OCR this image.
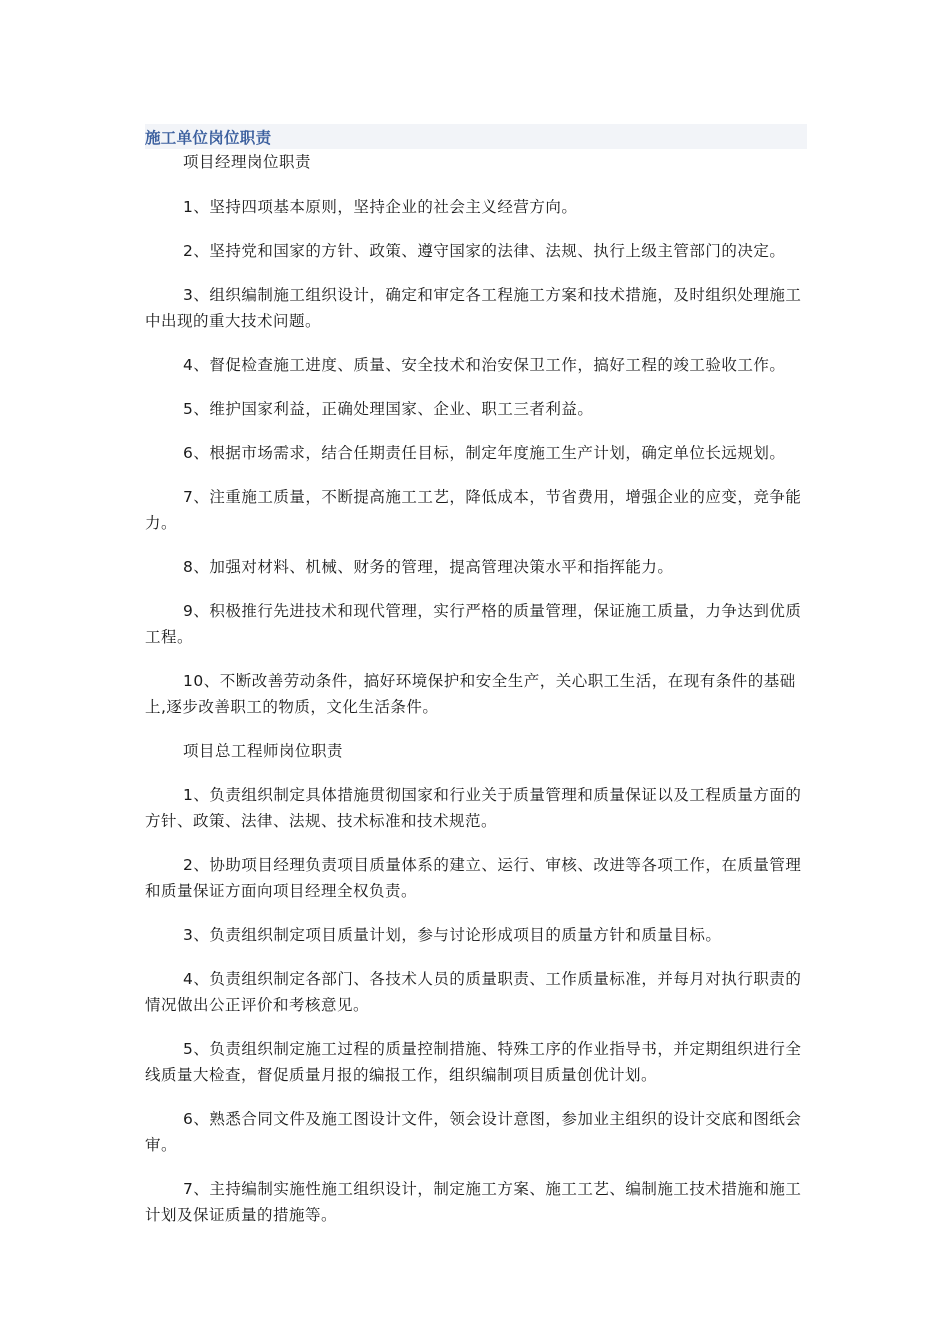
施工单位岗位职责
项目经理岗位职责
1、坚持四项基本原则，坚持企业的社会主义经营方向。
2、坚持党和国家的方针、政策、遵守国家的法律、法规、执行上级主管部门的决定。
3、组织编制施工组织设计，确定和审定各工程施工方案和技术措施，及时组织处理施工中出现的重大技术问题。
4、督促检查施工进度、质量、安全技术和治安保卫工作，搞好工程的竣工验收工作。
5、维护国家利益，正确处理国家、企业、职工三者利益。
6、根据市场需求，结合任期责任目标，制定年度施工生产计划，确定单位长远规划。
7、注重施工质量，不断提高施工工艺，降低成本，节省费用，增强企业的应变，竞争能力。
8、加强对材料、机械、财务的管理，提高管理决策水平和指挥能力。
9、积极推行先进技术和现代管理，实行严格的质量管理，保证施工质量，力争达到优质工程。
10、不断改善劳动条件，搞好环境保护和安全生产，关心职工生活，在现有条件的基础上,逐步改善职工的物质，文化生活条件。
项目总工程师岗位职责
1、负责组织制定具体措施贯彻国家和行业关于质量管理和质量保证以及工程质量方面的方针、政策、法律、法规、技术标准和技术规范。
2、协助项目经理负责项目质量体系的建立、运行、审核、改进等各项工作，在质量管理和质量保证方面向项目经理全权负责。
3、负责组织制定项目质量计划，参与讨论形成项目的质量方针和质量目标。
4、负责组织制定各部门、各技术人员的质量职责、工作质量标准，并每月对执行职责的情况做出公正评价和考核意见。
5、负责组织制定施工过程的质量控制措施、特殊工序的作业指导书，并定期组织进行全线质量大检查，督促质量月报的编报工作，组织编制项目质量创优计划。
6、熟悉合同文件及施工图设计文件，领会设计意图，参加业主组织的设计交底和图纸会审。
7、主持编制实施性施工组织设计，制定施工方案、施工工艺、编制施工技术措施和施工计划及保证质量的措施等。
